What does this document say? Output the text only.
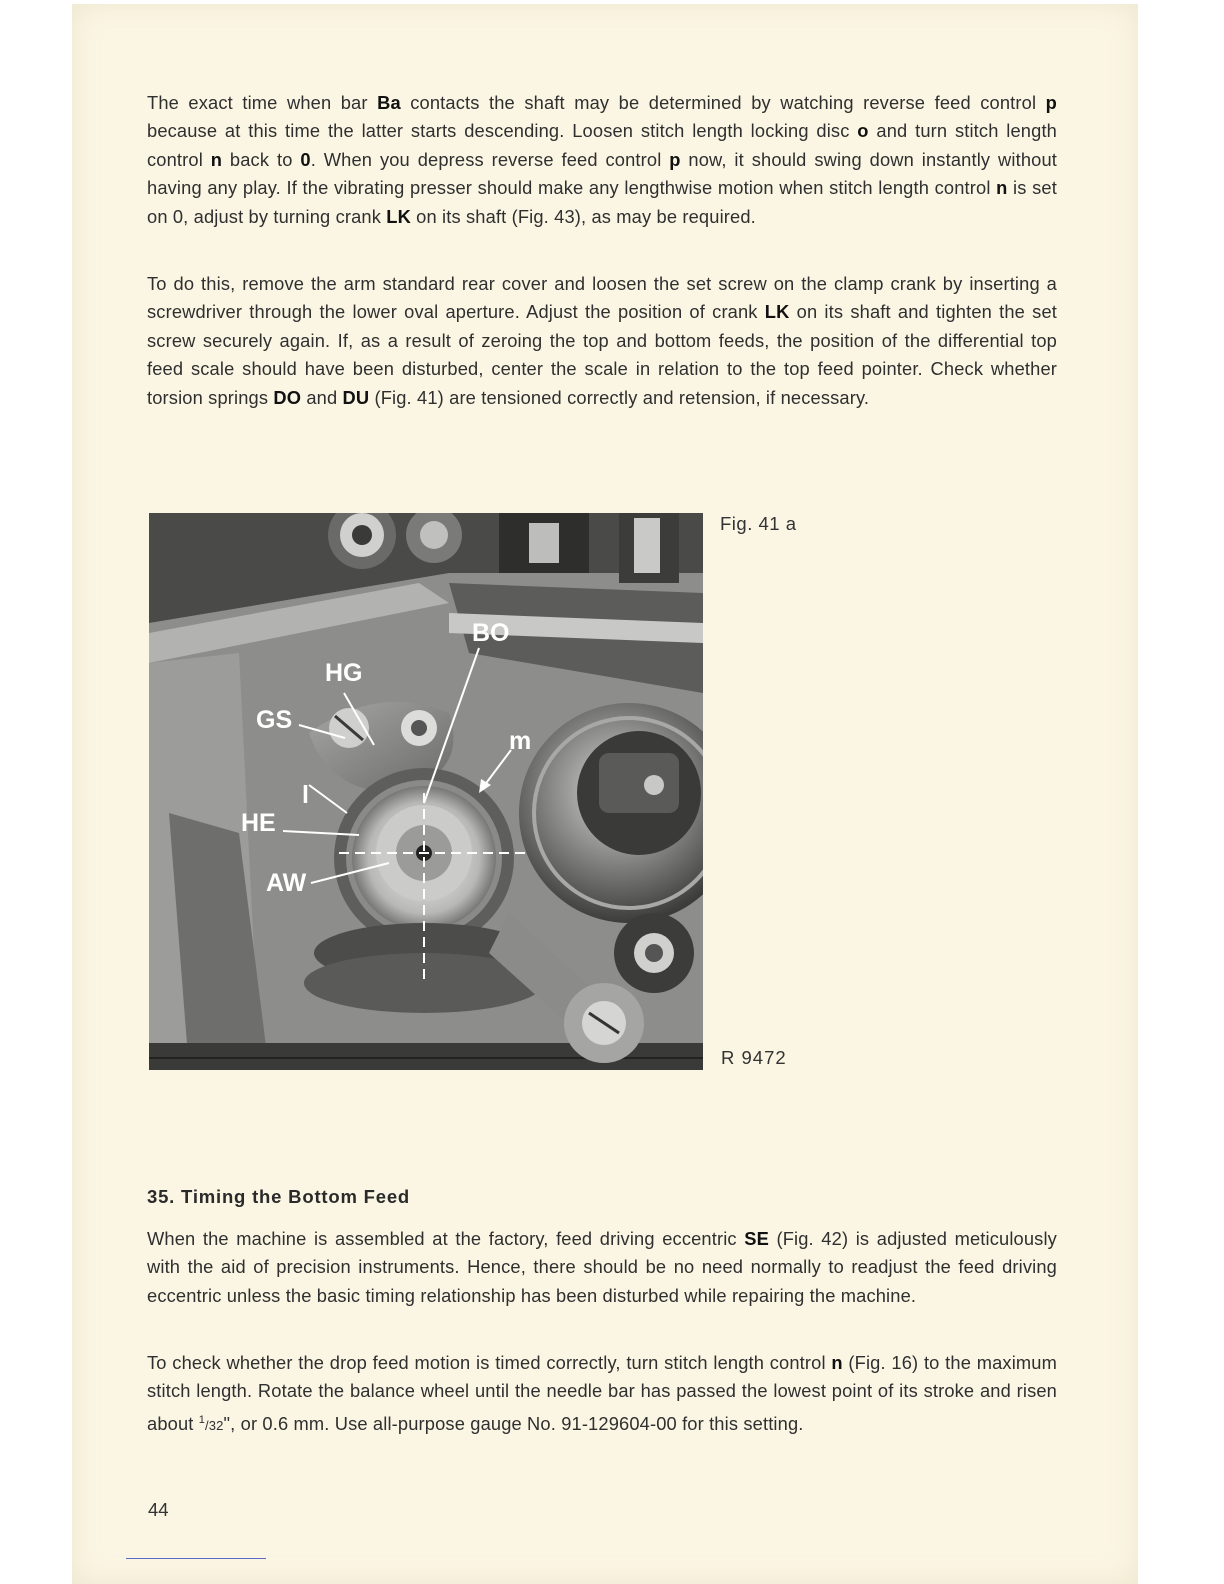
The exact time when bar Ba contacts the shaft may be determined by watching reverse feed control p because at this time the latter starts descending. Loosen stitch length locking disc o and turn stitch length control n back to 0. When you depress reverse feed control p now, it should swing down instantly without having any play. If the vibrating presser should make any lengthwise motion when stitch length control n is set on 0, adjust by turning crank LK on its shaft (Fig. 43), as may be required.

To do this, remove the arm standard rear cover and loosen the set screw on the clamp crank by inserting a screwdriver through the lower oval aperture. Adjust the position of crank LK on its shaft and tighten the set screw securely again. If, as a result of zeroing the top and bottom feeds, the position of the differential top feed scale should have been disturbed, center the scale in relation to the top feed pointer. Check whether torsion springs DO and DU (Fig. 41) are tensioned correctly and retension, if necessary.

BO
HG
GS
m
l
HE
AW
Fig. 41 a
R 9472
35. Timing the Bottom Feed

When the machine is assembled at the factory, feed driving eccentric SE (Fig. 42) is adjusted meticulously with the aid of precision instruments. Hence, there should be no need normally to readjust the feed driving eccentric unless the basic timing relationship has been disturbed while repairing the machine.

To check whether the drop feed motion is timed correctly, turn stitch length control n (Fig. 16) to the maximum stitch length. Rotate the balance wheel until the needle bar has passed the lowest point of its stroke and risen about $^1$/32", or 0.6 mm. Use all-purpose gauge No. 91-129604-00 for this setting.

44
